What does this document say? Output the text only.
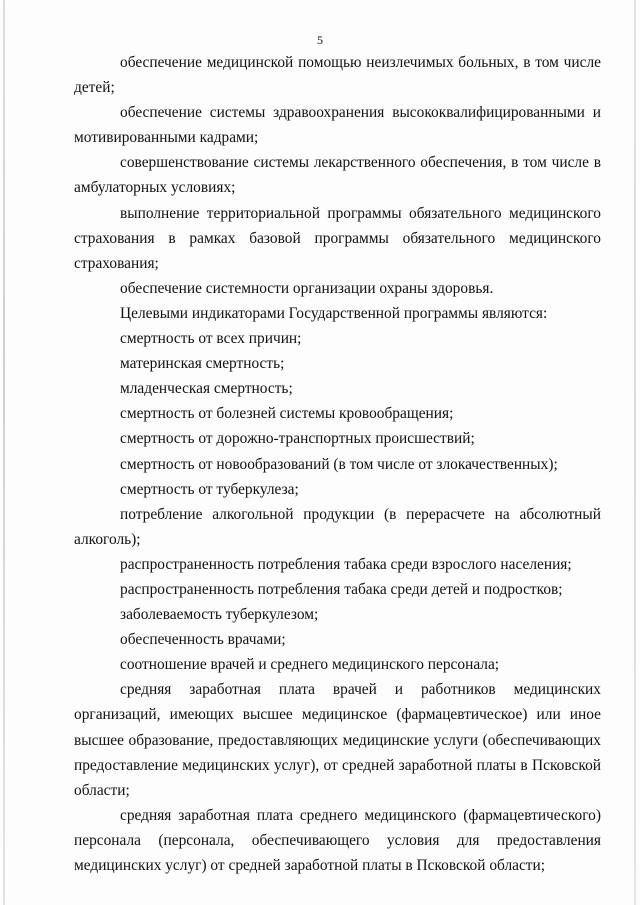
5

обеспечение медицинской помощью неизлечимых больных, в том числе детей;

обеспечение системы здравоохранения высококвалифицированными и мотивированными кадрами;

совершенствование системы лекарственного обеспечения, в том числе в амбулаторных условиях;

выполнение территориальной программы обязательного медицинского страхования в рамках базовой программы обязательного медицинского страхования;

обеспечение системности организации охраны здоровья.

Целевыми индикаторами Государственной программы являются:

смертность от всех причин;

материнская смертность;

младенческая смертность;

смертность от болезней системы кровообращения;

смертность от дорожно-транспортных происшествий;

смертность от новообразований (в том числе от злокачественных);

смертность от туберкулеза;

потребление алкогольной продукции (в перерасчете на абсолютный алкоголь);

распространенность потребления табака среди взрослого населения;

распространенность потребления табака среди детей и подростков;

заболеваемость туберкулезом;

обеспеченность врачами;

соотношение врачей и среднего медицинского персонала;

средняя заработная плата врачей и работников медицинских организаций, имеющих высшее медицинское (фармацевтическое) или иное высшее образование, предоставляющих медицинские услуги (обеспечивающих предоставление медицинских услуг), от средней заработной платы в Псковской области;

средняя заработная плата среднего медицинского (фармацевтического) персонала (персонала, обеспечивающего условия для предоставления медицинских услуг) от средней заработной платы в Псковской области;
